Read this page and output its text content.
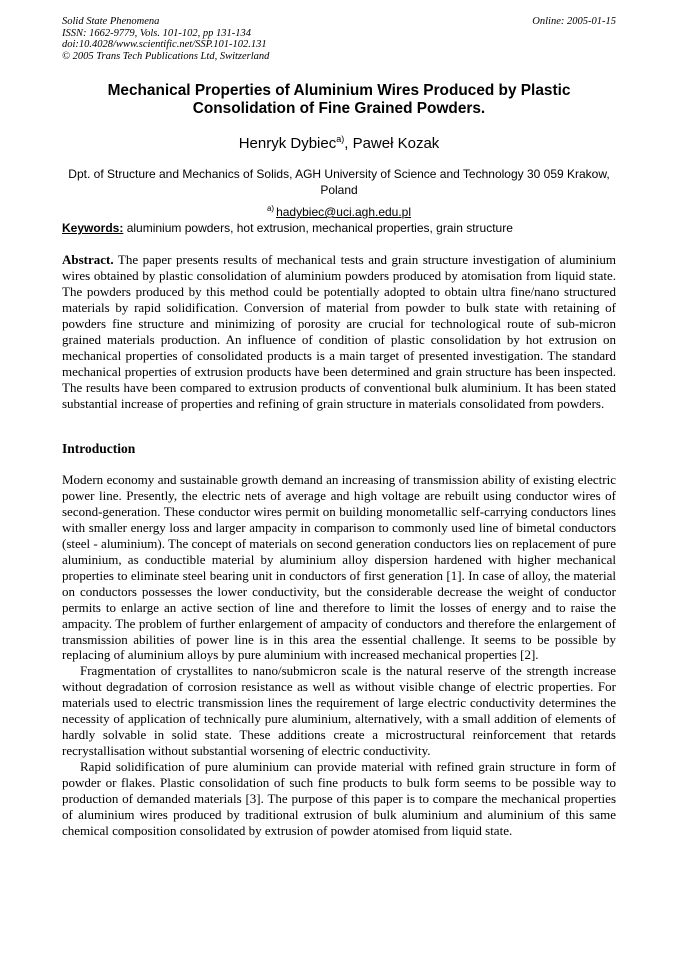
Solid State Phenomena
ISSN: 1662-9779, Vols. 101-102, pp 131-134
doi:10.4028/www.scientific.net/SSP.101-102.131
© 2005 Trans Tech Publications Ltd, Switzerland
Online: 2005-01-15
Mechanical Properties of Aluminium Wires Produced by Plastic Consolidation of Fine Grained Powders.
Henryk Dybiec$^{a)}$, Paweł Kozak
Dpt. of Structure and Mechanics of Solids, AGH University of Science and Technology 30 059 Krakow, Poland
$^{a)}$ hadybiec@uci.agh.edu.pl
Keywords: aluminium powders, hot extrusion, mechanical properties, grain structure
Abstract. The paper presents results of mechanical tests and grain structure investigation of aluminium wires obtained by plastic consolidation of aluminium powders produced by atomisation from liquid state. The powders produced by this method could be potentially adopted to obtain ultra fine/nano structured materials by rapid solidification. Conversion of material from powder to bulk state with retaining of powders fine structure and minimizing of porosity are crucial for technological route of sub-micron grained materials production. An influence of condition of plastic consolidation by hot extrusion on mechanical properties of consolidated products is a main target of presented investigation. The standard mechanical properties of extrusion products have been determined and grain structure has been inspected. The results have been compared to extrusion products of conventional bulk aluminium. It has been stated substantial increase of properties and refining of grain structure in materials consolidated from powders.
Introduction

Modern economy and sustainable growth demand an increasing of transmission ability of existing electric power line. Presently, the electric nets of average and high voltage are rebuilt using conductor wires of second-generation. These conductor wires permit on building monometallic self-carrying conductors lines with smaller energy loss and larger ampacity in comparison to commonly used line of bimetal conductors (steel - aluminium). The concept of materials on second generation conductors lies on replacement of pure aluminium, as conductible material by aluminium alloy dispersion hardened with higher mechanical properties to eliminate steel bearing unit in conductors of first generation [1]. In case of alloy, the material on conductors possesses the lower conductivity, but the considerable decrease the weight of conductor permits to enlarge an active section of line and therefore to limit the losses of energy and to raise the ampacity. The problem of further enlargement of ampacity of conductors and therefore the enlargement of transmission abilities of power line is in this area the essential challenge. It seems to be possible by replacing of aluminium alloys by pure aluminium with increased mechanical properties [2].

Fragmentation of crystallites to nano/submicron scale is the natural reserve of the strength increase without degradation of corrosion resistance as well as without visible change of electric properties. For materials used to electric transmission lines the requirement of large electric conductivity determines the necessity of application of technically pure aluminium, alternatively, with a small addition of elements of hardly solvable in solid state. These additions create a microstructural reinforcement that retards recrystallisation without substantial worsening of electric conductivity.

Rapid solidification of pure aluminium can provide material with refined grain structure in form of powder or flakes. Plastic consolidation of such fine products to bulk form seems to be possible way to production of demanded materials [3]. The purpose of this paper is to compare the mechanical properties of aluminium wires produced by traditional extrusion of bulk aluminium and aluminium of this same chemical composition consolidated by extrusion of powder atomised from liquid state.
